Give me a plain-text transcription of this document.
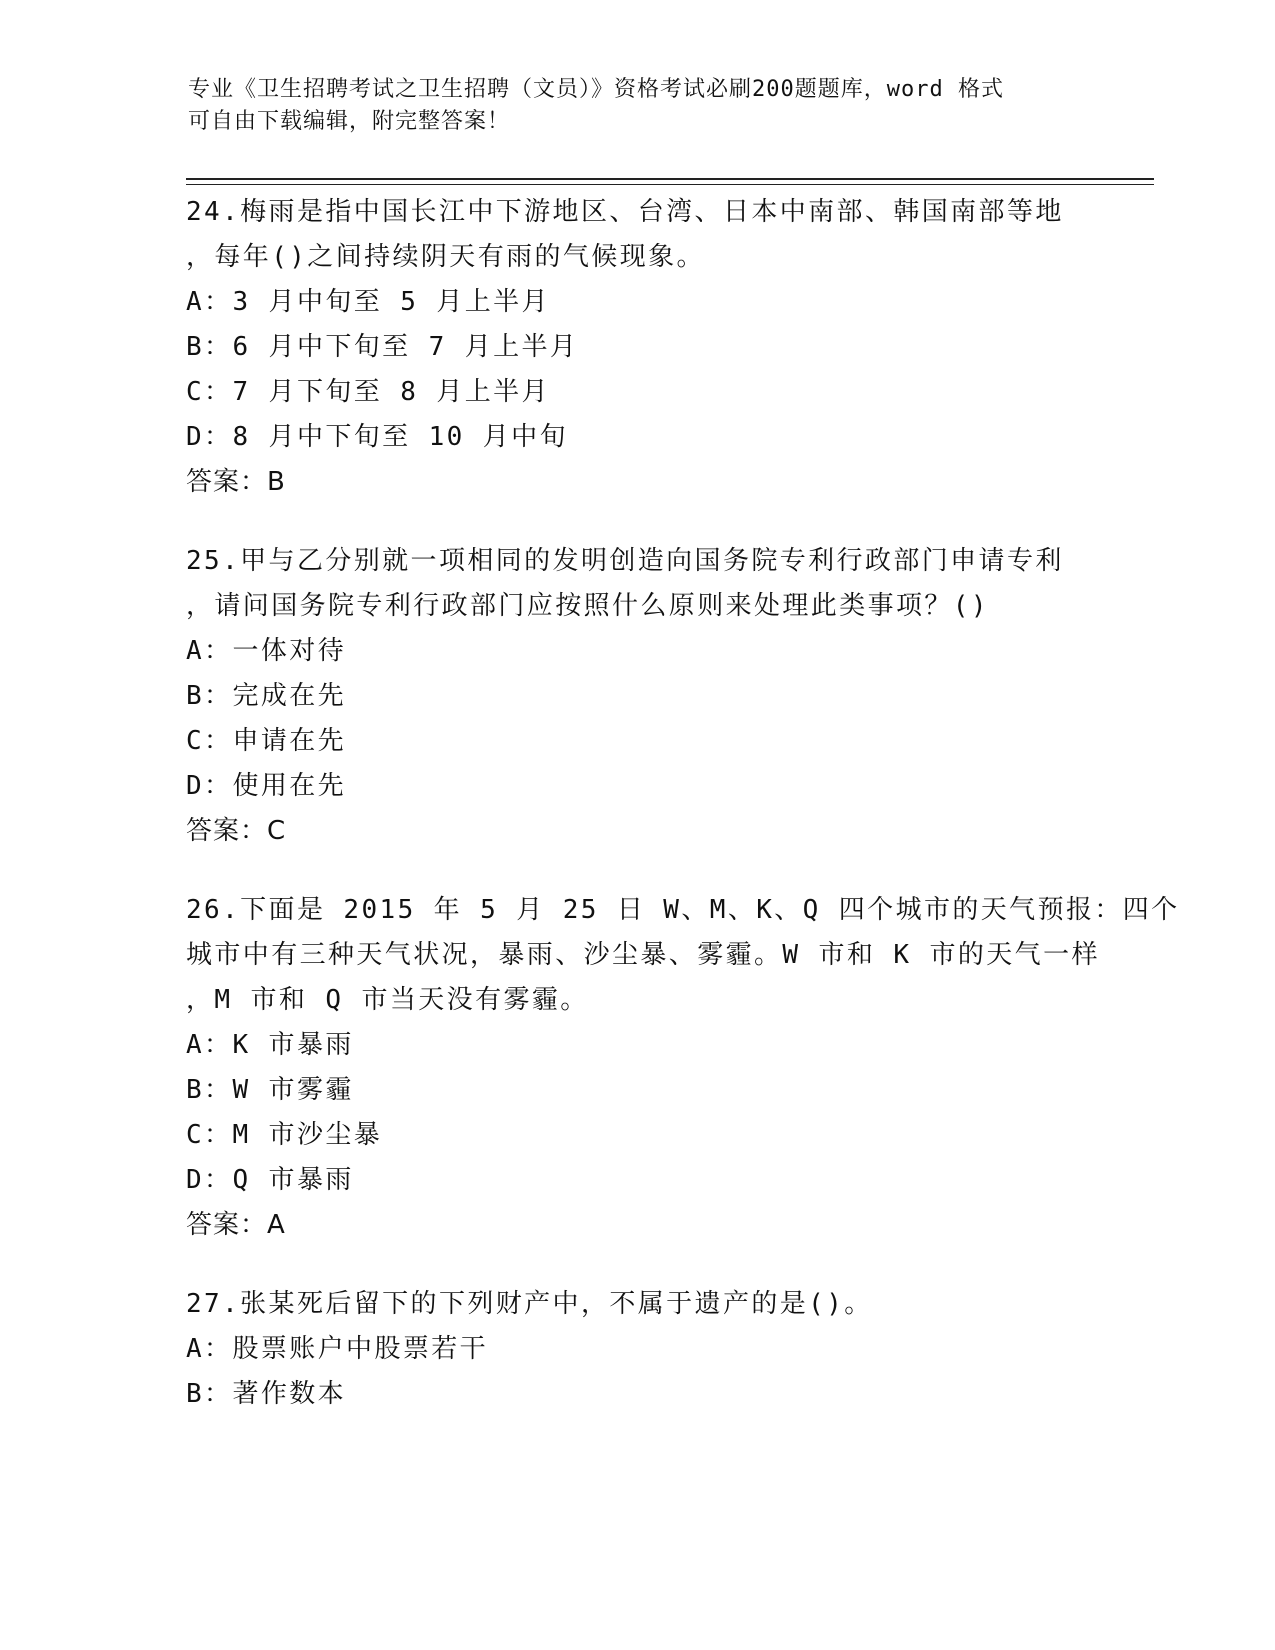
专业《卫生招聘考试之卫生招聘（文员）》资格考试必刷200题题库，word 格式
可自由下载编辑，附完整答案！
24.梅雨是指中国长江中下游地区、台湾、日本中南部、韩国南部等地
，每年()之间持续阴天有雨的气候现象。
A：3 月中旬至 5 月上半月
B：6 月中下旬至 7 月上半月
C：7 月下旬至 8 月上半月
D：8 月中下旬至 10 月中旬
答案：B
25.甲与乙分别就一项相同的发明创造向国务院专利行政部门申请专利
，请问国务院专利行政部门应按照什么原则来处理此类事项？()
A：一体对待
B：完成在先
C：申请在先
D：使用在先
答案：C
26.下面是 2015 年 5 月 25 日 W、M、K、Q 四个城市的天气预报：四个
城市中有三种天气状况，暴雨、沙尘暴、雾霾。W 市和 K 市的天气一样
，M 市和 Q 市当天没有雾霾。
A：K 市暴雨
B：W 市雾霾
C：M 市沙尘暴
D：Q 市暴雨
答案：A
27.张某死后留下的下列财产中，不属于遗产的是()。
A：股票账户中股票若干
B：著作数本
